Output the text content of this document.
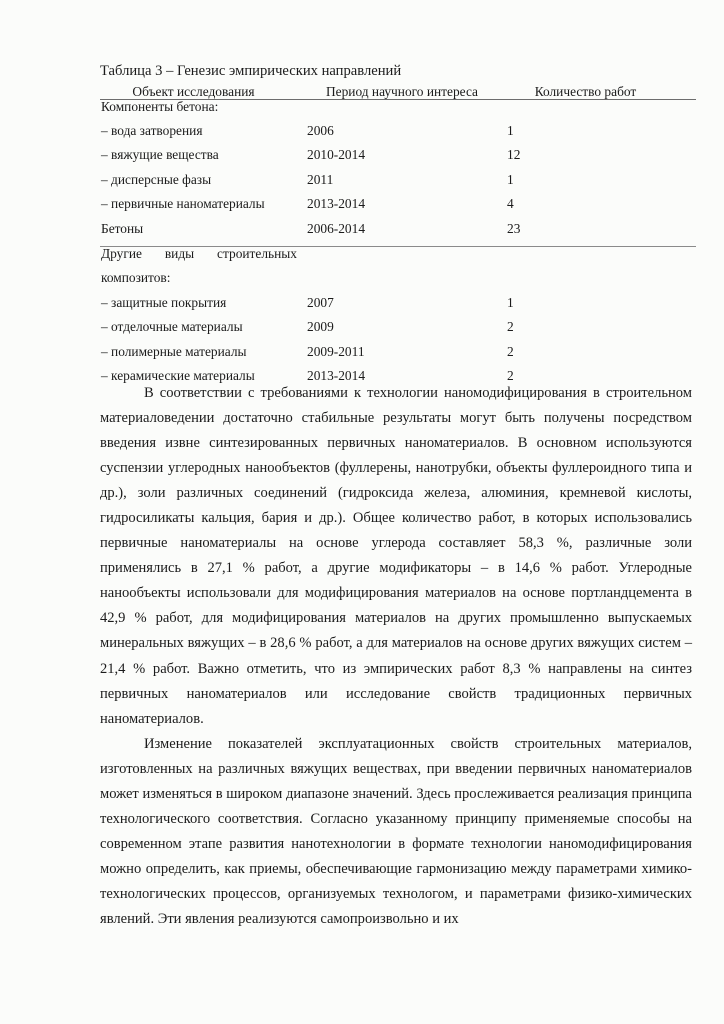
Таблица 3 – Генезис эмпирических направлений
Объект исследования	Период научного интереса	Количество работ

Компоненты бетона:		
– вода затворения	2006	1
– вяжущие вещества	2010-2014	12
– дисперсные фазы	2011	1
– первичные наноматериалы	2013-2014	4
Бетоны	2006-2014	23

Другие виды строительных		

композитов:		
– защитные покрытия	2007	1
– отделочные материалы	2009	2
– полимерные материалы	2009-2011	2
– керамические материалы	2013-2014	2

В соответствии с требованиями к технологии наномодифицирования в строительном материаловедении достаточно стабильные результаты могут быть получены посредством введения извне синтезированных первичных наноматериалов. В основном используются суспензии углеродных нанообъектов (фуллерены, нанотрубки, объекты фуллероидного типа и др.), золи различных соединений (гидроксида железа, алюминия, кремневой кислоты, гидросиликаты кальция, бария и др.). Общее количество работ, в которых использовались первичные наноматериалы на основе углерода составляет 58,3 %, различные золи применялись в 27,1 % работ, а другие модификаторы – в 14,6 % работ. Углеродные нанообъекты использовали для модифицирования материалов на основе портландцемента в 42,9 % работ, для модифицирования материалов на других промышленно выпускаемых минеральных вяжущих – в 28,6 % работ, а для материалов на основе других вяжущих систем – 21,4 % работ. Важно отметить, что из эмпирических работ 8,3 % направлены на синтез первичных наноматериалов или исследование свойств традиционных первичных наноматериалов.

Изменение показателей эксплуатационных свойств строительных материалов, изготовленных на различных вяжущих веществах, при введении первичных наноматериалов может изменяться в широком диапазоне значений. Здесь прослеживается реализация принципа технологического соответствия. Согласно указанному принципу применяемые способы на современном этапе развития нанотехнологии в формате технологии наномодифицирования можно определить, как приемы, обеспечивающие гармонизацию между параметрами химико-технологических процессов, организуемых технологом, и параметрами физико-химических явлений. Эти явления реализуются самопроизвольно и их
